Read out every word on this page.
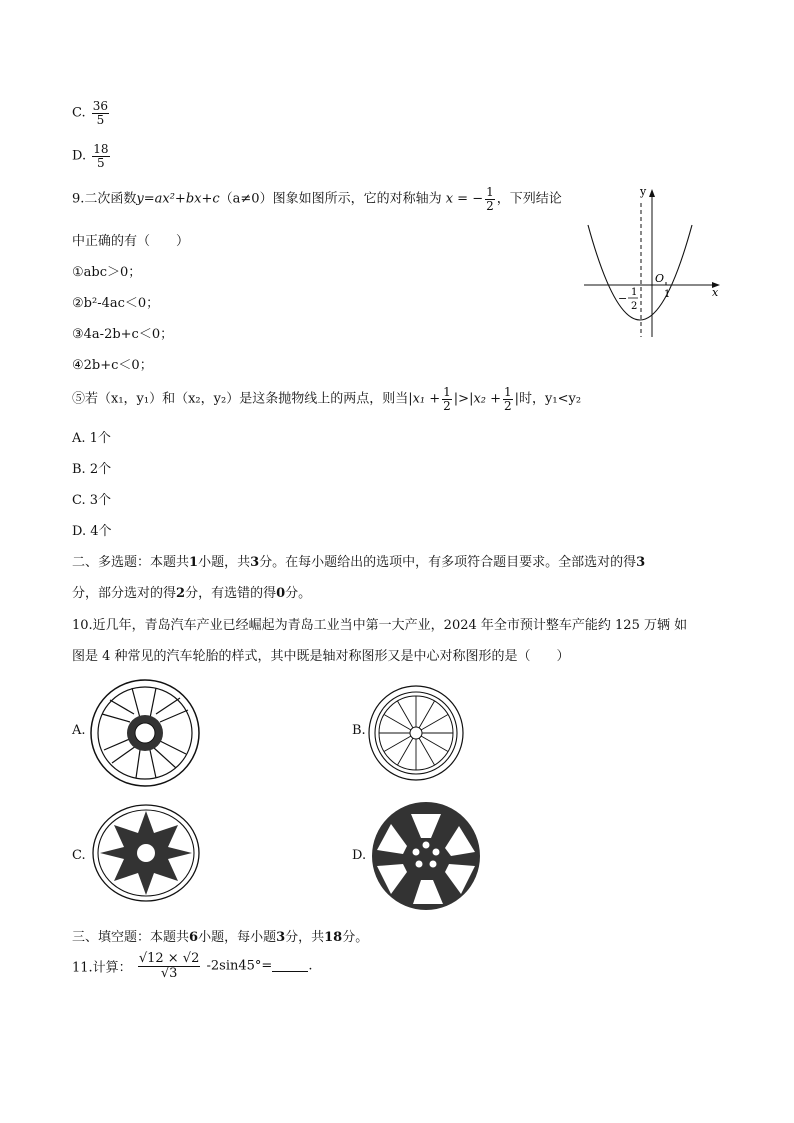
C. $\frac{36}{5}$
D. $\frac{18}{5}$
9.二次函数y=ax²+bx+c（a≠0）图象如图所示，它的对称轴为 x = − $\frac{1}{2}$ ，下列结论
中正确的有（　　）
①abc＞0；
②b²-4ac＜0；
③4a-2b+c＜0；
④2b+c＜0；
⑤若（x₁，y₁）和（x₂，y₂）是这条抛物线上的两点，则当$|x_1 + \frac{1}{2} |>|x_2 + \frac{1}{2}$ |时，y₁<y₂
A. 1个
B. 2个
C. 3个
D. 4个
y
x
O
1
− 1
2
二、多选题：本题共1小题，共3分。在每小题给出的选项中，有多项符合题目要求。全部选对的得3
分，部分选对的得2分，有选错的得0分。
10.近几年，青岛汽车产业已经崛起为青岛工业当中第一大产业，2024 年全市预计整车产能约 125 万辆 如
图是 4 种常见的汽车轮胎的样式，其中既是轴对称图形又是中心对称图形的是（　　）
A.	B.
C.	D.
三、填空题：本题共6小题，每小题3分，共18分。
11.计算： $\frac{√12 \times √2}{√3} -2\sin 45^\circ=$	.
